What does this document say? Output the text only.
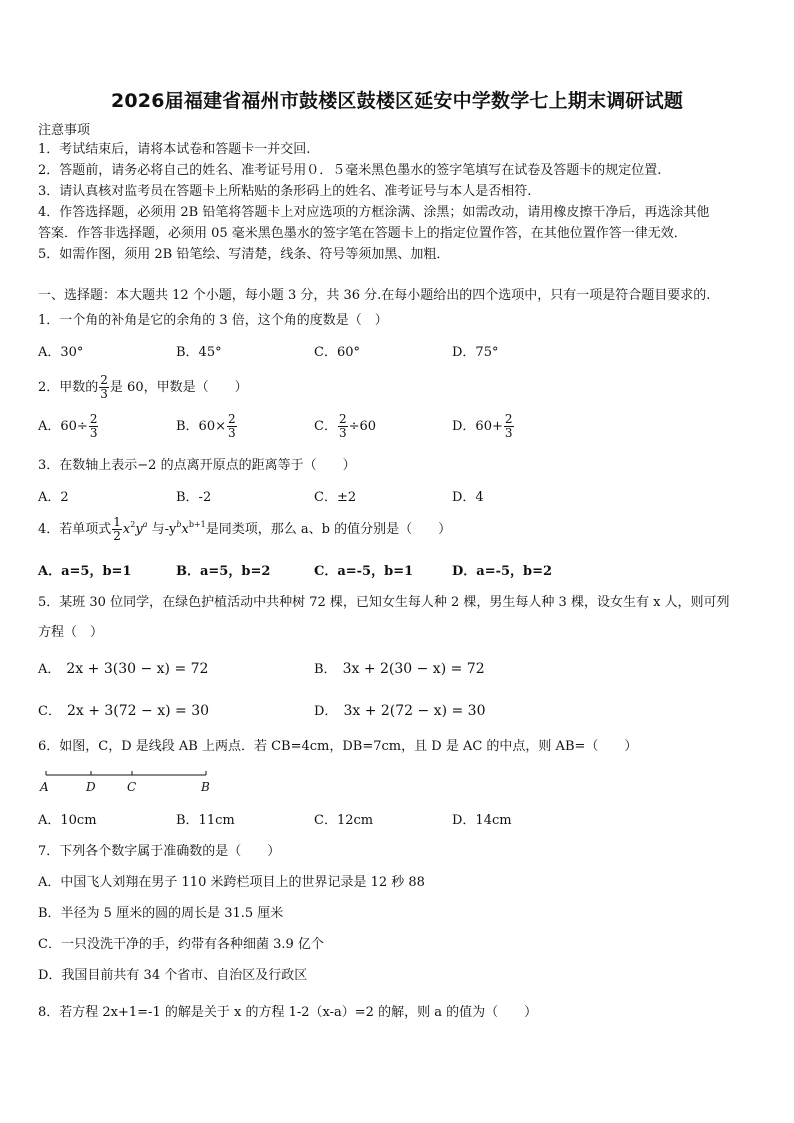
2026届福建省福州市鼓楼区鼓楼区延安中学数学七上期末调研试题
注意事项
1．考试结束后，请将本试卷和答题卡一并交回.
2．答题前，请务必将自己的姓名、准考证号用０．５毫米黑色墨水的签字笔填写在试卷及答题卡的规定位置.
3．请认真核对监考员在答题卡上所粘贴的条形码上的姓名、准考证号与本人是否相符.
4．作答选择题，必须用 2B 铅笔将答题卡上对应选项的方框涂满、涂黑；如需改动，请用橡皮擦干净后，再选涂其他
答案．作答非选择题，必须用 05 毫米黑色墨水的签字笔在答题卡上的指定位置作答，在其他位置作答一律无效．
5．如需作图，须用 2B 铅笔绘、写清楚，线条、符号等须加黑、加粗．
一、选择题：本大题共 12 个小题，每小题 3 分，共 36 分.在每小题给出的四个选项中，只有一项是符合题目要求的.
1．一个角的补角是它的余角的 3 倍，这个角的度数是（　）
A．30°	B．45°	C．60°	D．75°
2．甲数的 $\frac{2}{3}$ 是 60，甲数是（　　）
A．$60\div \frac{2}{3}$	B．$60\times \frac{2}{3}$	C． $\frac{2}{3} \div 60$	D．$60+ \frac{2}{3}$
3．在数轴上表示−2 的点离开原点的距离等于（　　）
A．2	B．-2	C．±2	D．4
4．若单项式 $\frac{1}{2} x^2y^a$ 与$-y^bx^{b+1}$是同类项，那么 a、b 的值分别是（　　）
A．a=5，b=1	B．a=5，b=2	C．a=-5，b=1	D．a=-5，b=2
5．某班 30 位同学，在绿色护植活动中共种树 72 棵，已知女生每人种 2 棵，男生每人种 3 棵，设女生有 x 人，则可列
方程（　）
A． 2x + 3(30 − x) = 72	B． 3x + 2(30 − x) = 72
C． 2x + 3(72 − x) = 30	D． 3x + 2(72 − x) = 30
6．如图，C，D 是线段 AB 上两点．若 CB=4cm，DB=7cm，且 D 是 AC 的中点，则 AB=（　　）
A	D	C	B
A．10cm	B．11cm	C．12cm	D．14cm
7．下列各个数字属于准确数的是（　　）
A．中国飞人刘翔在男子 110 米跨栏项目上的世界记录是 12 秒 88
B．半径为 5 厘米的圆的周长是 31.5 厘米
C．一只没洗干净的手，约带有各种细菌 3.9 亿个
D．我国目前共有 34 个省市、自治区及行政区
8．若方程 2x+1=-1 的解是关于 x 的方程 1-2（x-a）=2 的解，则 a 的值为（　　）
